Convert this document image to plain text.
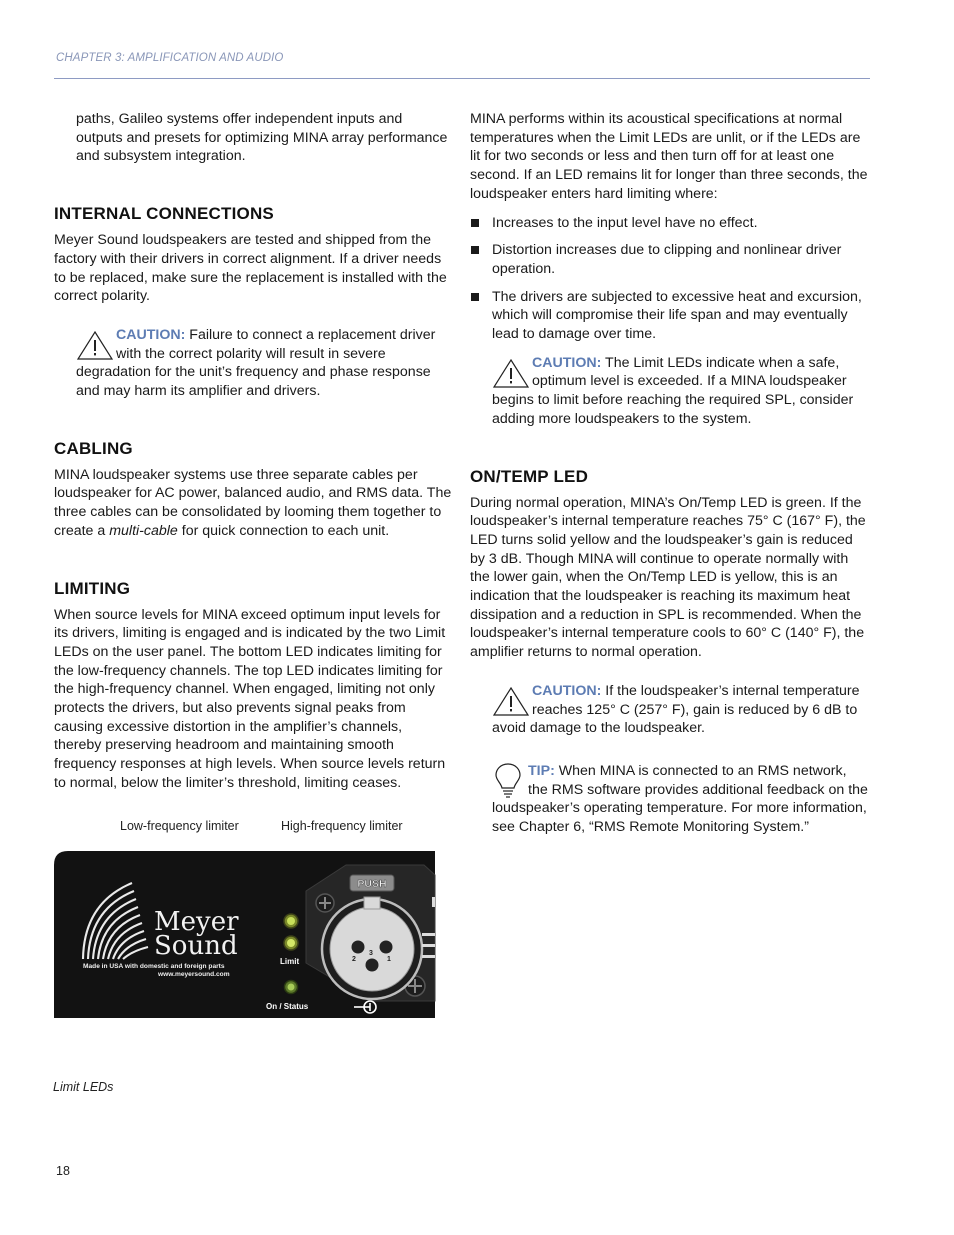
CHAPTER 3: AMPLIFICATION AND AUDIO

paths, Galileo systems offer independent inputs and outputs and presets for optimizing MINA array performance and subsystem integration.

INTERNAL CONNECTIONS

Meyer Sound loudspeakers are tested and shipped from the factory with their drivers in correct alignment. If a driver needs to be replaced, make sure the replacement is installed with the correct polarity.

CAUTION: Failure to connect a replacement driver with the correct polarity will result in severe degradation for the unit’s frequency and phase response and may harm its amplifier and drivers.
CABLING

MINA loudspeaker systems use three separate cables per loudspeaker for AC power, balanced audio, and RMS data. The three cables can be consolidated by looming them together to create a multi-cable for quick connection to each unit.

LIMITING

When source levels for MINA exceed optimum input levels for its drivers, limiting is engaged and is indicated by the two Limit LEDs on the user panel. The bottom LED indicates limiting for the low-frequency channels. The top LED indicates limiting for the high-frequency channel. When engaged, limiting not only protects the drivers, but also prevents signal peaks from causing excessive distortion in the amplifier’s channels, thereby preserving headroom and maintaining smooth frequency responses at high levels. When source levels return to normal, below the limiter’s threshold, limiting ceases.

Low-frequency limiter	High-frequency limiter
Meyer
Sound
Made in USA with domestic and foreign parts
www.meyersound.com
Limit
On / Status
PUSH
2
3
1
Limit LEDs

MINA performs within its acoustical specifications at normal temperatures when the Limit LEDs are unlit, or if the LEDs are lit for two seconds or less and then turn off for at least one second. If an LED remains lit for longer than three seconds, the loudspeaker enters hard limiting where:

Increases to the input level have no effect.
Distortion increases due to clipping and nonlinear driver operation.
The drivers are subjected to excessive heat and excursion, which will compromise their life span and may eventually lead to damage over time.
CAUTION: The Limit LEDs indicate when a safe, optimum level is exceeded. If a MINA loudspeaker begins to limit before reaching the required SPL, consider adding more loudspeakers to the system.
ON/TEMP LED

During normal operation, MINA’s On/Temp LED is green. If the loudspeaker’s internal temperature reaches 75° C (167° F), the LED turns solid yellow and the loudspeaker’s gain is reduced by 3 dB. Though MINA will continue to operate normally with the lower gain, when the On/Temp LED is yellow, this is an indication that the loudspeaker is reaching its maximum heat dissipation and a reduction in SPL is recommended. When the loudspeaker’s internal temperature cools to 60° C (140° F), the amplifier returns to normal operation.

CAUTION: If the loudspeaker’s internal temperature reaches 125° C (257° F), gain is reduced by 6 dB to avoid damage to the loudspeaker.
TIP: When MINA is connected to an RMS network, the RMS software provides additional feedback on the loudspeaker’s operating temperature. For more information, see Chapter 6, “RMS Remote Monitoring System.”
18
